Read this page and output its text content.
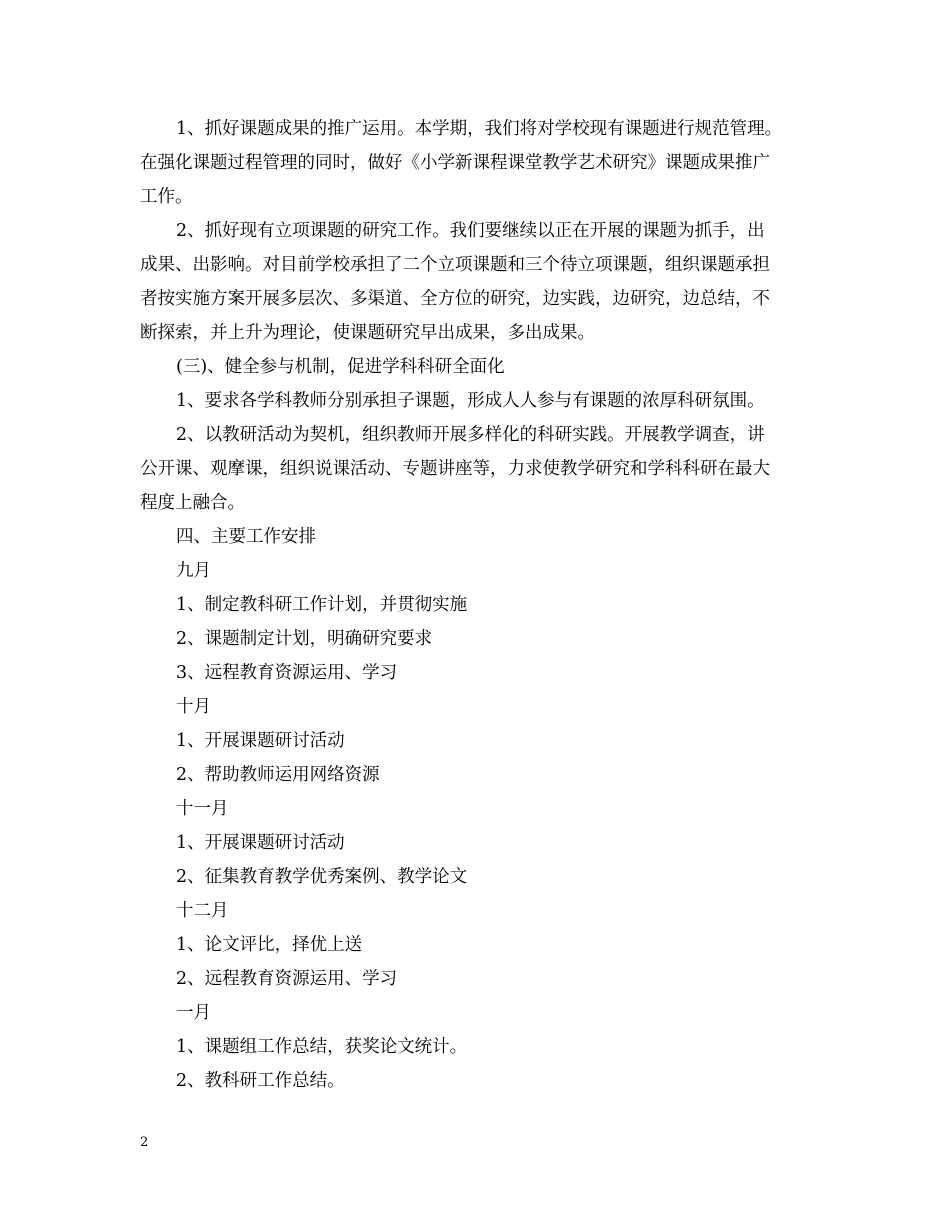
1、抓好课题成果的推广运用。本学期，我们将对学校现有课题进行规范管理。
在强化课题过程管理的同时，做好《小学新课程课堂教学艺术研究》课题成果推广
工作。
2、抓好现有立项课题的研究工作。我们要继续以正在开展的课题为抓手，出
成果、出影响。对目前学校承担了二个立项课题和三个待立项课题，组织课题承担
者按实施方案开展多层次、多渠道、全方位的研究，边实践，边研究，边总结，不
断探索，并上升为理论，使课题研究早出成果，多出成果。
(三)、健全参与机制，促进学科科研全面化
1、要求各学科教师分别承担子课题，形成人人参与有课题的浓厚科研氛围。
2、以教研活动为契机，组织教师开展多样化的科研实践。开展教学调查，讲
公开课、观摩课，组织说课活动、专题讲座等，力求使教学研究和学科科研在最大
程度上融合。
四、主要工作安排
九月
1、制定教科研工作计划，并贯彻实施
2、课题制定计划，明确研究要求
3、远程教育资源运用、学习
十月
1、开展课题研讨活动
2、帮助教师运用网络资源
十一月
1、开展课题研讨活动
2、征集教育教学优秀案例、教学论文
十二月
1、论文评比，择优上送
2、远程教育资源运用、学习
一月
1、课题组工作总结，获奖论文统计。
2、教科研工作总结。
2
